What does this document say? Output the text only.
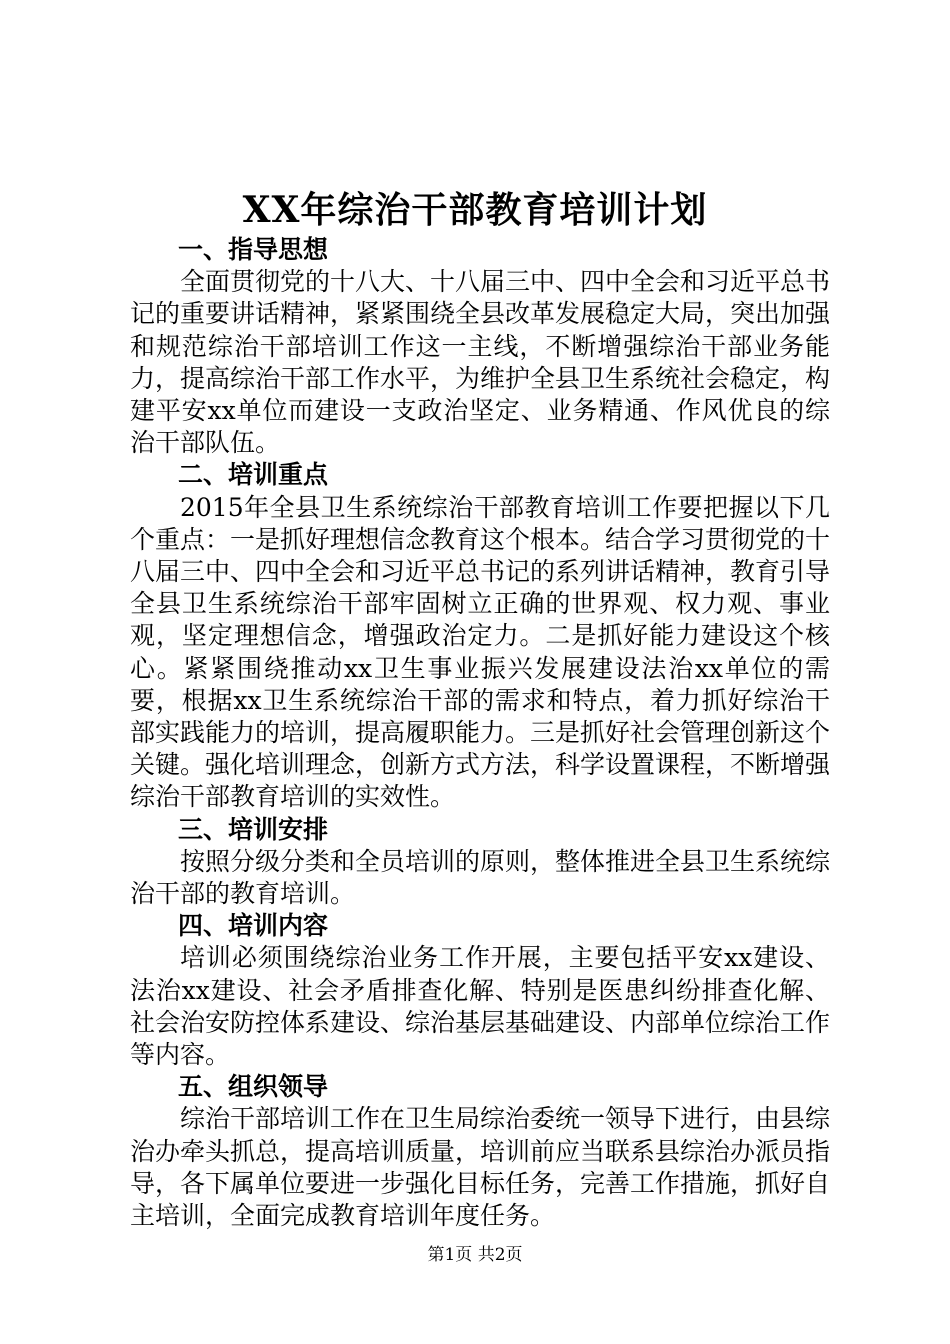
XX年综治干部教育培训计划

一、指导思想

全面贯彻党的十八大、十八届三中、四中全会和习近平总书记的重要讲话精神，紧紧围绕全县改革发展稳定大局，突出加强和规范综治干部培训工作这一主线，不断增强综治干部业务能力，提高综治干部工作水平，为维护全县卫生系统社会稳定，构建平安xx单位而建设一支政治坚定、业务精通、作风优良的综治干部队伍。

二、培训重点

2015年全县卫生系统综治干部教育培训工作要把握以下几个重点：一是抓好理想信念教育这个根本。结合学习贯彻党的十八届三中、四中全会和习近平总书记的系列讲话精神，教育引导全县卫生系统综治干部牢固树立正确的世界观、权力观、事业观，坚定理想信念，增强政治定力。二是抓好能力建设这个核心。紧紧围绕推动xx卫生事业振兴发展建设法治xx单位的需要，根据xx卫生系统综治干部的需求和特点，着力抓好综治干部实践能力的培训，提高履职能力。三是抓好社会管理创新这个关键。强化培训理念，创新方式方法，科学设置课程，不断增强综治干部教育培训的实效性。

三、培训安排

按照分级分类和全员培训的原则，整体推进全县卫生系统综治干部的教育培训。

四、培训内容

培训必须围绕综治业务工作开展，主要包括平安xx建设、法治xx建设、社会矛盾排查化解、特别是医患纠纷排查化解、社会治安防控体系建设、综治基层基础建设、内部单位综治工作等内容。

五、组织领导

综治干部培训工作在卫生局综治委统一领导下进行，由县综治办牵头抓总，提高培训质量，培训前应当联系县综治办派员指导，各下属单位要进一步强化目标任务，完善工作措施，抓好自主培训，全面完成教育培训年度任务。

第1页 共2页
